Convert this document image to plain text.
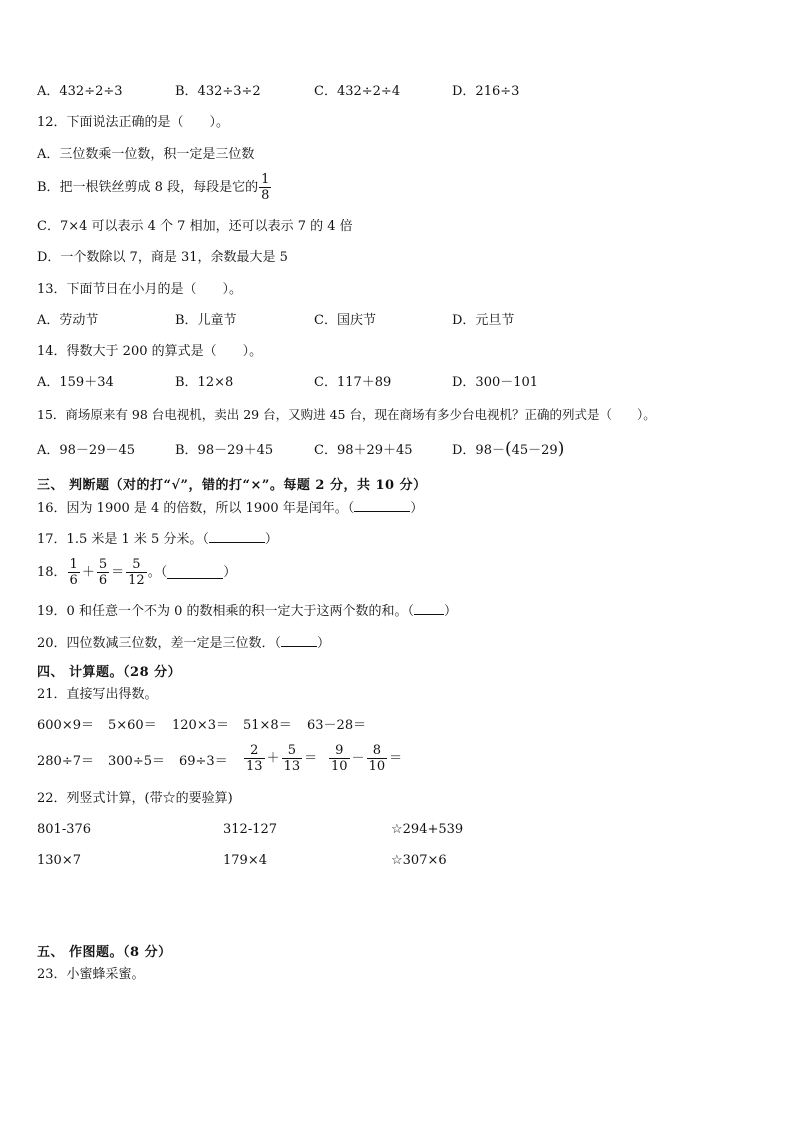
A．432÷2÷3	B．432÷3÷2	C．432÷2÷4	D．216÷3
12．下面说法正确的是（　　）。
A．三位数乘一位数，积一定是三位数
B．把一根铁丝剪成 8 段，每段是它的 $\frac{1}{8}$
C．7×4 可以表示 4 个 7 相加，还可以表示 7 的 4 倍
D．一个数除以 7，商是 31，余数最大是 5
13．下面节日在小月的是（　　）。
A．劳动节	B．儿童节	C．国庆节	D．元旦节
14．得数大于 200 的算式是（　　）。
A．159＋34	B．12×8	C．117＋89	D．300－101
15．商场原来有 98 台电视机，卖出 29 台，又购进 45 台，现在商场有多少台电视机？正确的列式是（　　）。
A．98－29－45	B．98－29＋45	C．98＋29＋45	D．98－(45－29)
三、 判断题（对的打“√”，错的打“×”。每题 2 分，共 10 分）
16．因为 1900 是 4 的倍数，所以 1900 年是闰年。（	）
17．1.5 米是 1 米 5 分米。（	）
18． $\frac{1}{6} + \frac{5}{6} = \frac{5}{12}$ 。（	）
19．0 和任意一个不为 0 的数相乘的积一定大于这两个数的和。（ ）
20．四位数减三位数，差一定是三位数．（	）
四、 计算题。（28 分）
21．直接写出得数。
600×9＝ 5×60＝ 120×3＝ 51×8＝ 63－28＝
$280\div 7= 300\div 5= 69\div 3= \frac{2}{13} + \frac{5}{13} = \frac{9}{10} - \frac{8}{10}$ ＝
22．列竖式计算，(带☆的要验算)
801-376	312-127	☆294+539
130×7	179×4	☆307×6
五、 作图题。（8 分）
23．小蜜蜂采蜜。
